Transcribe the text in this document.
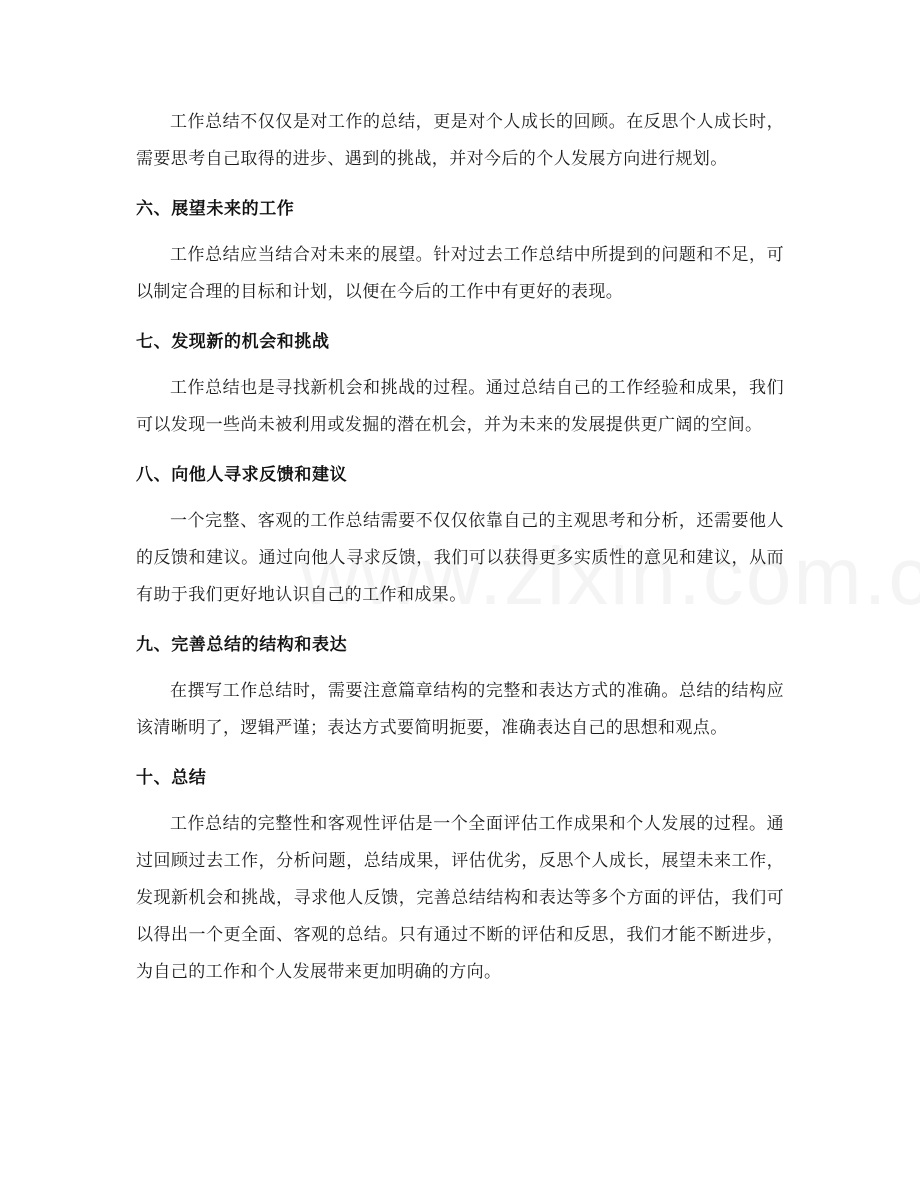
工作总结不仅仅是对工作的总结，更是对个人成长的回顾。在反思个人成长时，需要思考自己取得的进步、遇到的挑战，并对今后的个人发展方向进行规划。

六、展望未来的工作

工作总结应当结合对未来的展望。针对过去工作总结中所提到的问题和不足，可以制定合理的目标和计划，以便在今后的工作中有更好的表现。

七、发现新的机会和挑战

工作总结也是寻找新机会和挑战的过程。通过总结自己的工作经验和成果，我们可以发现一些尚未被利用或发掘的潜在机会，并为未来的发展提供更广阔的空间。

八、向他人寻求反馈和建议

一个完整、客观的工作总结需要不仅仅依靠自己的主观思考和分析，还需要他人的反馈和建议。通过向他人寻求反馈，我们可以获得更多实质性的意见和建议，从而有助于我们更好地认识自己的工作和成果。

九、完善总结的结构和表达

在撰写工作总结时，需要注意篇章结构的完整和表达方式的准确。总结的结构应该清晰明了，逻辑严谨；表达方式要简明扼要，准确表达自己的思想和观点。

十、总结

工作总结的完整性和客观性评估是一个全面评估工作成果和个人发展的过程。通过回顾过去工作，分析问题，总结成果，评估优劣，反思个人成长，展望未来工作，发现新机会和挑战，寻求他人反馈，完善总结结构和表达等多个方面的评估，我们可以得出一个更全面、客观的总结。只有通过不断的评估和反思，我们才能不断进步，为自己的工作和个人发展带来更加明确的方向。
